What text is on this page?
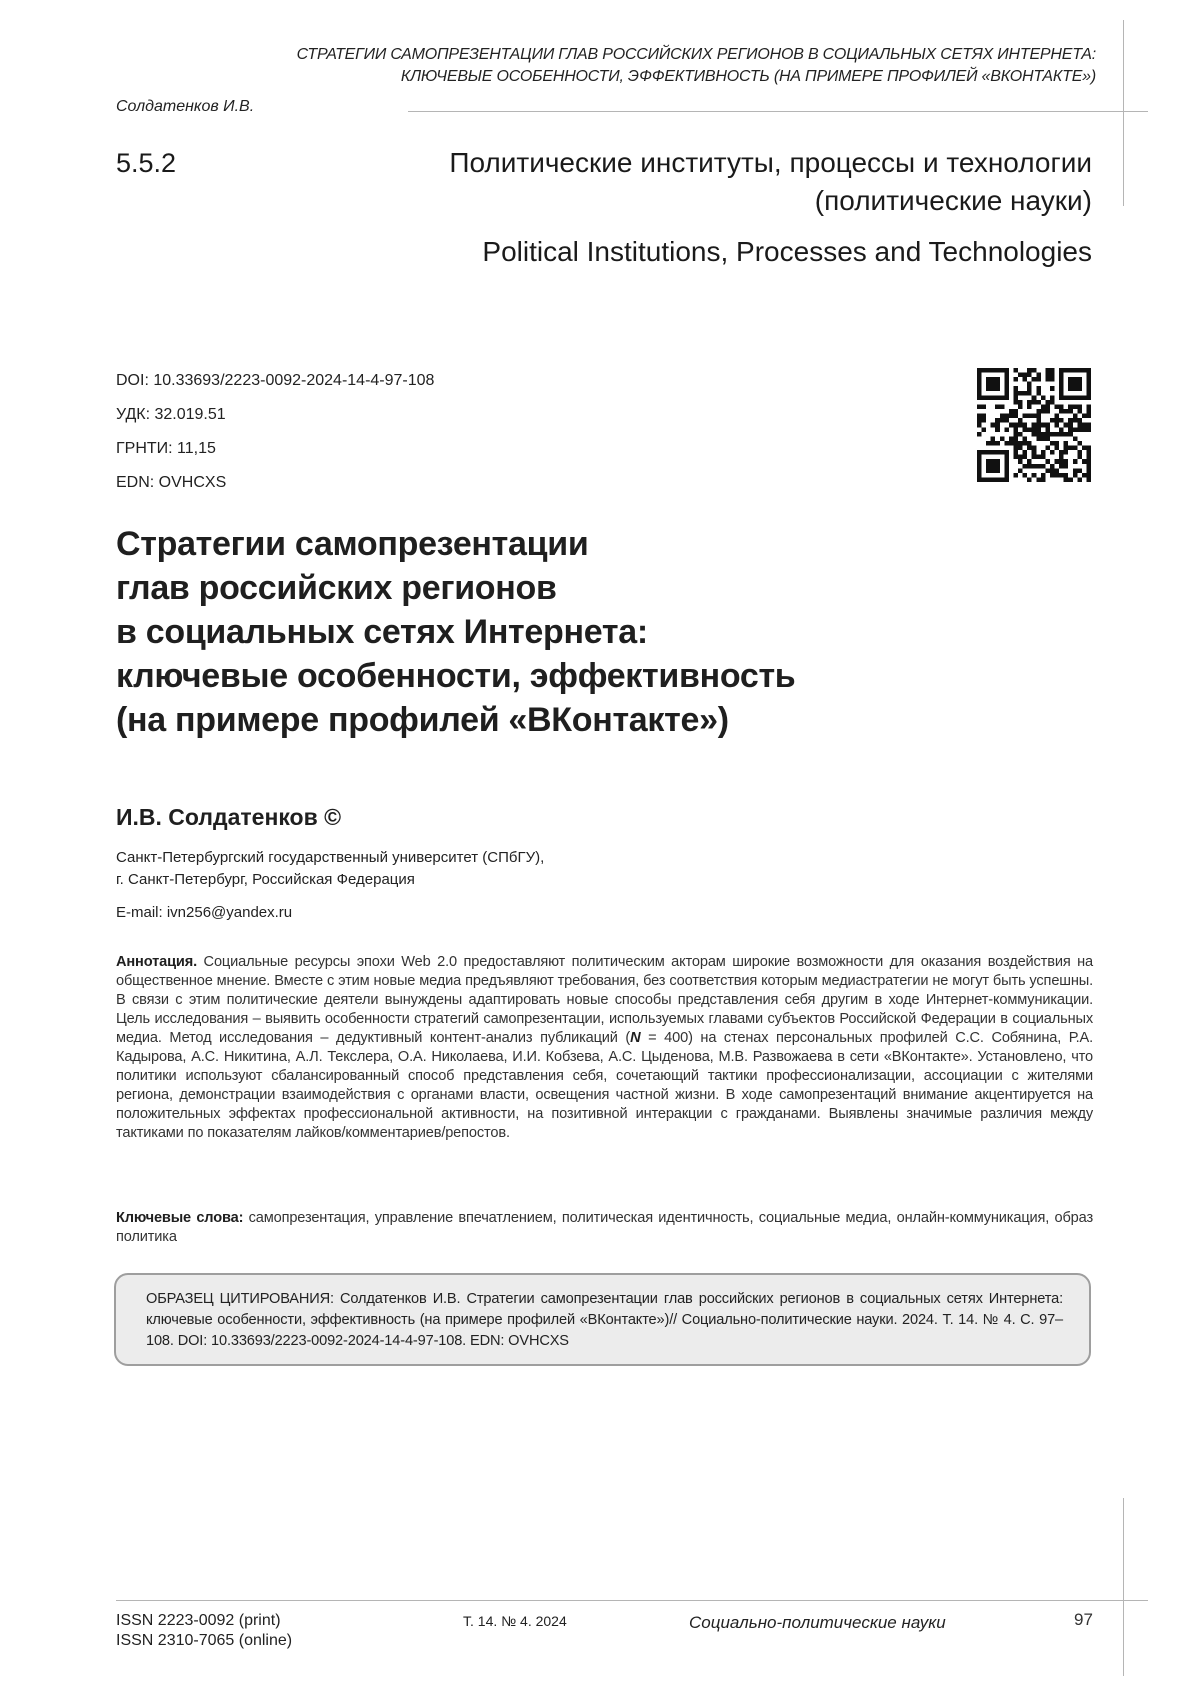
СТРАТЕГИИ САМОПРЕЗЕНТАЦИИ ГЛАВ РОССИЙСКИХ РЕГИОНОВ В СОЦИАЛЬНЫХ СЕТЯХ ИНТЕРНЕТА:
КЛЮЧЕВЫЕ ОСОБЕННОСТИ, ЭФФЕКТИВНОСТЬ (НА ПРИМЕРЕ ПРОФИЛЕЙ «ВКОНТАКТЕ»)
Солдатенков И.В.
5.5.2	Политические институты, процессы и технологии
(политические науки)
Political Institutions, Processes and Technologies
DOI: 10.33693/2223-0092-2024-14-4-97-108
УДК: 32.019.51
ГРНТИ: 11,15
EDN: OVHCXS
Стратегии самопрезентации
глав российских регионов
в социальных сетях Интернета:
ключевые особенности, эффективность
(на примере профилей «ВКонтакте»)
И.В. Солдатенков ©
Санкт-Петербургский государственный университет (СПбГУ),
г. Санкт-Петербург, Российская Федерация
E-mail: ivn256@yandex.ru
Аннотация. Социальные ресурсы эпохи Web 2.0 предоставляют политическим акторам широкие возможности для оказания воздействия на общественное мнение. Вместе с этим новые медиа предъявляют требования, без соответствия которым медиастратегии не могут быть успешны. В связи с этим политические деятели вынуждены адаптировать новые способы представления себя другим в ходе Интернет-коммуникации. Цель исследования – выявить особенности стратегий самопрезентации, используемых главами субъектов Российской Федерации в социальных медиа. Метод исследования – дедуктивный контент-анализ публикаций (N = 400) на стенах персональных профилей С.С. Собянина, Р.А. Кадырова, А.С. Никитина, А.Л. Текслера, О.А. Николаева, И.И. Кобзева, А.С. Цыденова, М.В. Развожаева в сети «ВКонтакте». Установлено, что политики используют сбалансированный способ представления себя, сочетающий тактики профессионализации, ассоциации с жителями региона, демонстрации взаимодействия с органами власти, освещения частной жизни. В ходе самопрезентаций внимание акцентируется на положительных эффектах профессиональной активности, на позитивной интеракции с гражданами. Выявлены значимые различия между тактиками по показателям лайков/комментариев/репостов.
Ключевые слова: самопрезентация, управление впечатлением, политическая идентичность, социальные медиа, онлайн-коммуникация, образ политика
ОБРАЗЕЦ ЦИТИРОВАНИЯ: Солдатенков И.В. Стратегии самопрезентации глав российских регионов в социальных сетях Интернета: ключевые особенности, эффективность (на примере профилей «ВКонтакте»)// Социально-политические науки. 2024. Т. 14. № 4. С. 97–108. DOI: 10.33693/2223-0092-2024-14-4-97-108. EDN: OVHCXS
ISSN 2223-0092 (print)
ISSN 2310-7065 (online)
Т. 14. № 4. 2024	Социально-политические науки	97
